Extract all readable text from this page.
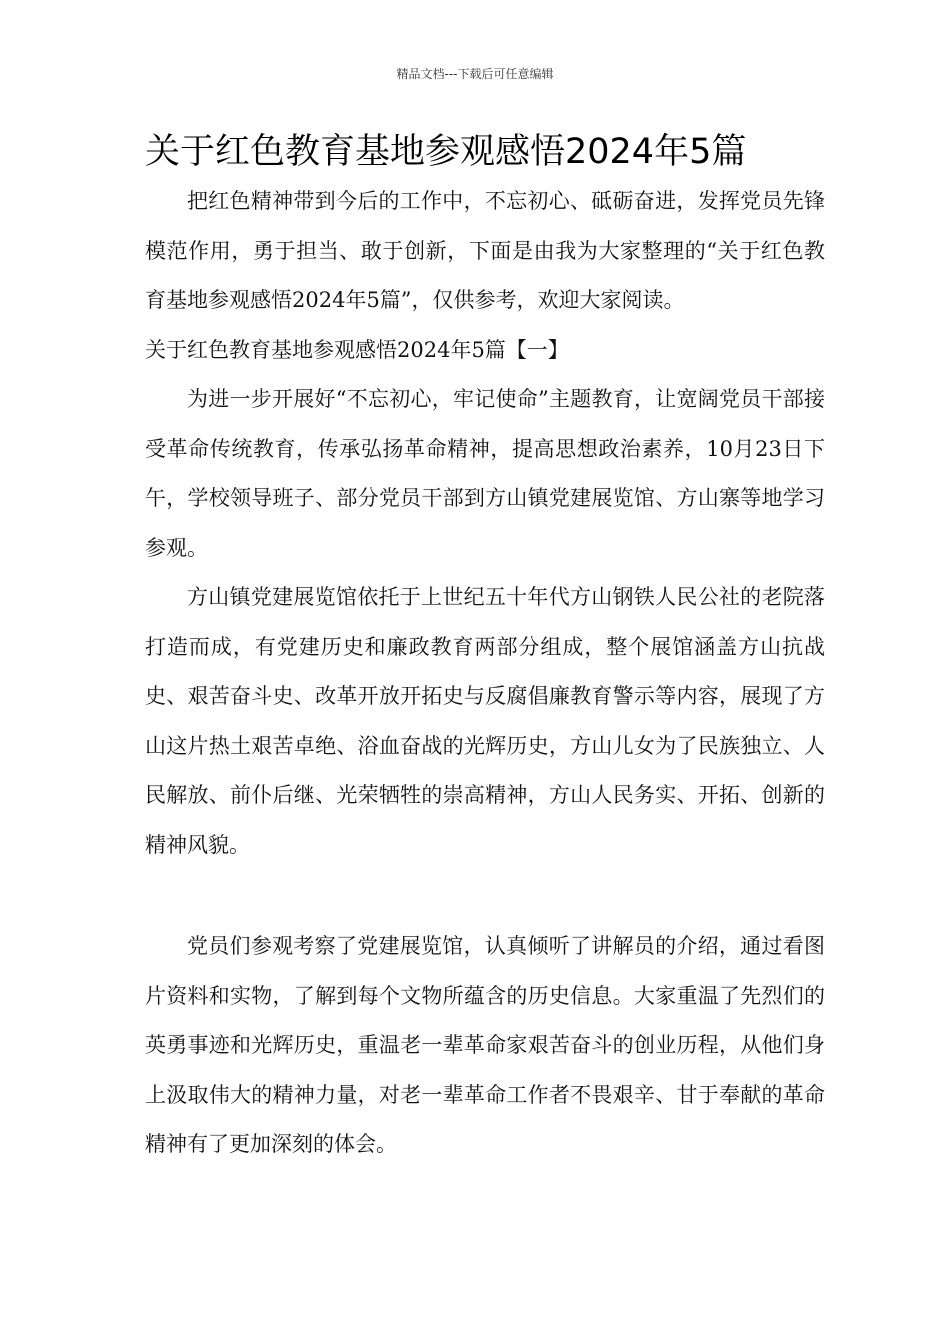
精品文档---下载后可任意编辑
关于红色教育基地参观感悟2024年5篇

把红色精神带到今后的工作中，不忘初心、砥砺奋进，发挥党员先锋模范作用，勇于担当、敢于创新，下面是由我为大家整理的“关于红色教育基地参观感悟2024年5篇”，仅供参考，欢迎大家阅读。

关于红色教育基地参观感悟2024年5篇【一】

为进一步开展好“不忘初心，牢记使命”主题教育，让宽阔党员干部接受革命传统教育，传承弘扬革命精神，提高思想政治素养，10月23日下午，学校领导班子、部分党员干部到方山镇党建展览馆、方山寨等地学习参观。

方山镇党建展览馆依托于上世纪五十年代方山钢铁人民公社的老院落打造而成，有党建历史和廉政教育两部分组成，整个展馆涵盖方山抗战史、艰苦奋斗史、改革开放开拓史与反腐倡廉教育警示等内容，展现了方山这片热土艰苦卓绝、浴血奋战的光辉历史，方山儿女为了民族独立、人民解放、前仆后继、光荣牺牲的崇高精神，方山人民务实、开拓、创新的精神风貌。

党员们参观考察了党建展览馆，认真倾听了讲解员的介绍，通过看图片资料和实物，了解到每个文物所蕴含的历史信息。大家重温了先烈们的英勇事迹和光辉历史，重温老一辈革命家艰苦奋斗的创业历程，从他们身上汲取伟大的精神力量，对老一辈革命工作者不畏艰辛、甘于奉献的革命精神有了更加深刻的体会。
